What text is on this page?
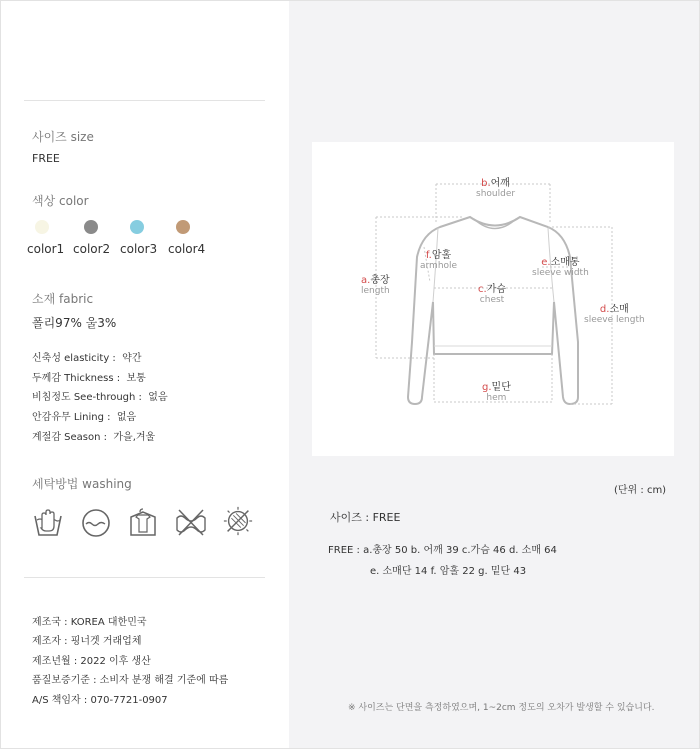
사이즈 size
FREE
색상 color
color1 color2 color3 color4
소재 fabric
폴리97% 울3%
신축성 elasticity : 약간
두께감 Thickness : 보통
비침정도 See-through : 없음
안감유무 Lining : 없음
계절감 Season : 가을,겨울
세탁방법 washing
제조국 : KOREA 대한민국
제조자 : 핑너겟 거래업체
제조년월 : 2022 이후 생산
품질보증기준 : 소비자 분쟁 해결 기준에 따름
A/S 책임자 : 070-7721-0907
b.어깨
shoulder
f.암홀
armhole	e.소매통
sleeve width
a.총장
length	c.가슴
chest
d.소매
sleeve length
g.밑단
hem
(단위 : cm)
사이즈 : FREE
FREE : a.총장 50 b. 어깨 39 c.가슴 46 d. 소매 64
e. 소매단 14 f. 암홀 22 g. 밑단 43
※ 사이즈는 단면을 측정하였으며, 1~2cm 정도의 오차가 발생할 수 있습니다.
